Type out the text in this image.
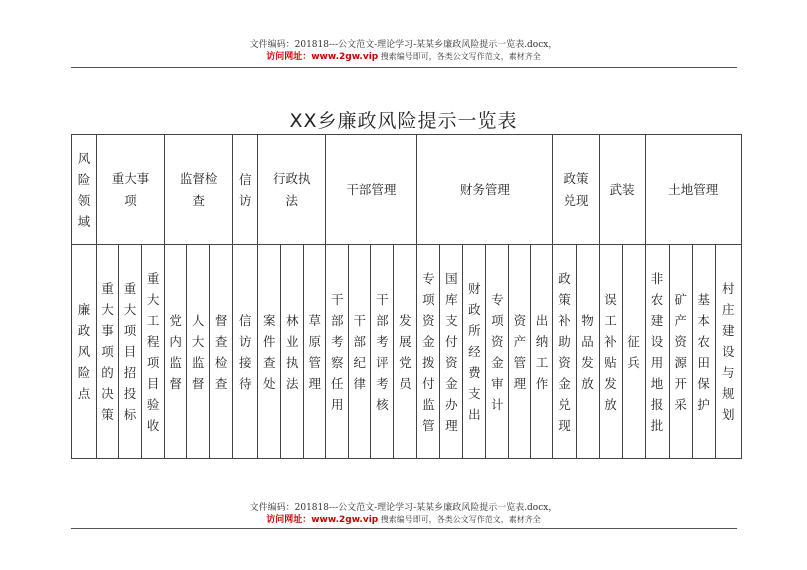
文件编码：201818---公文范文-理论学习-某某乡廉政风险提示一览表.docx，
访问网址：www.2gw.vip 搜索编号即可，各类公文写作范文，素材齐全
XX乡廉政风险提示一览表
风险领域	重大事项			监督检查			信访	行政执法			干部管理				财务管理						政策兑现		武装		土地管理			
廉政风险点	重大事项的决策	重大项目招投标	重大工程项目验收	党内监督	人大监督	督查检查	信访接待	案件查处	林业执法	草原管理	干部考察任用	干部纪律	干部考评考核	发展党员	专项资金拨付监管	国库支付资金办理	财政所经费支出	专项资金审计	资产管理	出纳工作	政策补助资金兑现	物品发放	误工补贴发放	征兵	非农建设用地报批	矿产资源开采	基本农田保护	村庄建设与规划
文件编码：201818---公文范文-理论学习-某某乡廉政风险提示一览表.docx，
访问网址：www.2gw.vip 搜索编号即可，各类公文写作范文，素材齐全
